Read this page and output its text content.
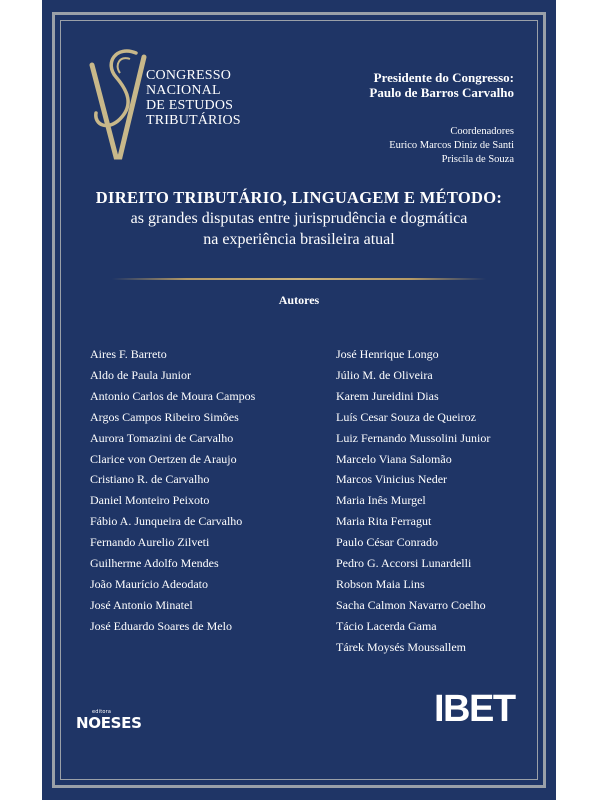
CONGRESSO
NACIONAL
DE ESTUDOS
TRIBUTÁRIOS
Presidente do Congresso:
Paulo de Barros Carvalho
Coordenadores
Eurico Marcos Diniz de Santi
Priscila de Souza
DIREITO TRIBUTÁRIO, LINGUAGEM E MÉTODO:
as grandes disputas entre jurisprudência e dogmática
na experiência brasileira atual
Autores
Aires F. Barreto
Aldo de Paula Junior
Antonio Carlos de Moura Campos
Argos Campos Ribeiro Simões
Aurora Tomazini de Carvalho
Clarice von Oertzen de Araujo
Cristiano R. de Carvalho
Daniel Monteiro Peixoto
Fábio A. Junqueira de Carvalho
Fernando Aurelio Zilveti
Guilherme Adolfo Mendes
João Maurício Adeodato
José Antonio Minatel
José Eduardo Soares de Melo
José Henrique Longo
Júlio M. de Oliveira
Karem Jureidini Dias
Luís Cesar Souza de Queiroz
Luiz Fernando Mussolini Junior
Marcelo Viana Salomão
Marcos Vinicius Neder
Maria Inês Murgel
Maria Rita Ferragut
Paulo César Conrado
Pedro G. Accorsi Lunardelli
Robson Maia Lins
Sacha Calmon Navarro Coelho
Tácio Lacerda Gama
Tárek Moysés Moussallem
editora
NOESES	IBET
